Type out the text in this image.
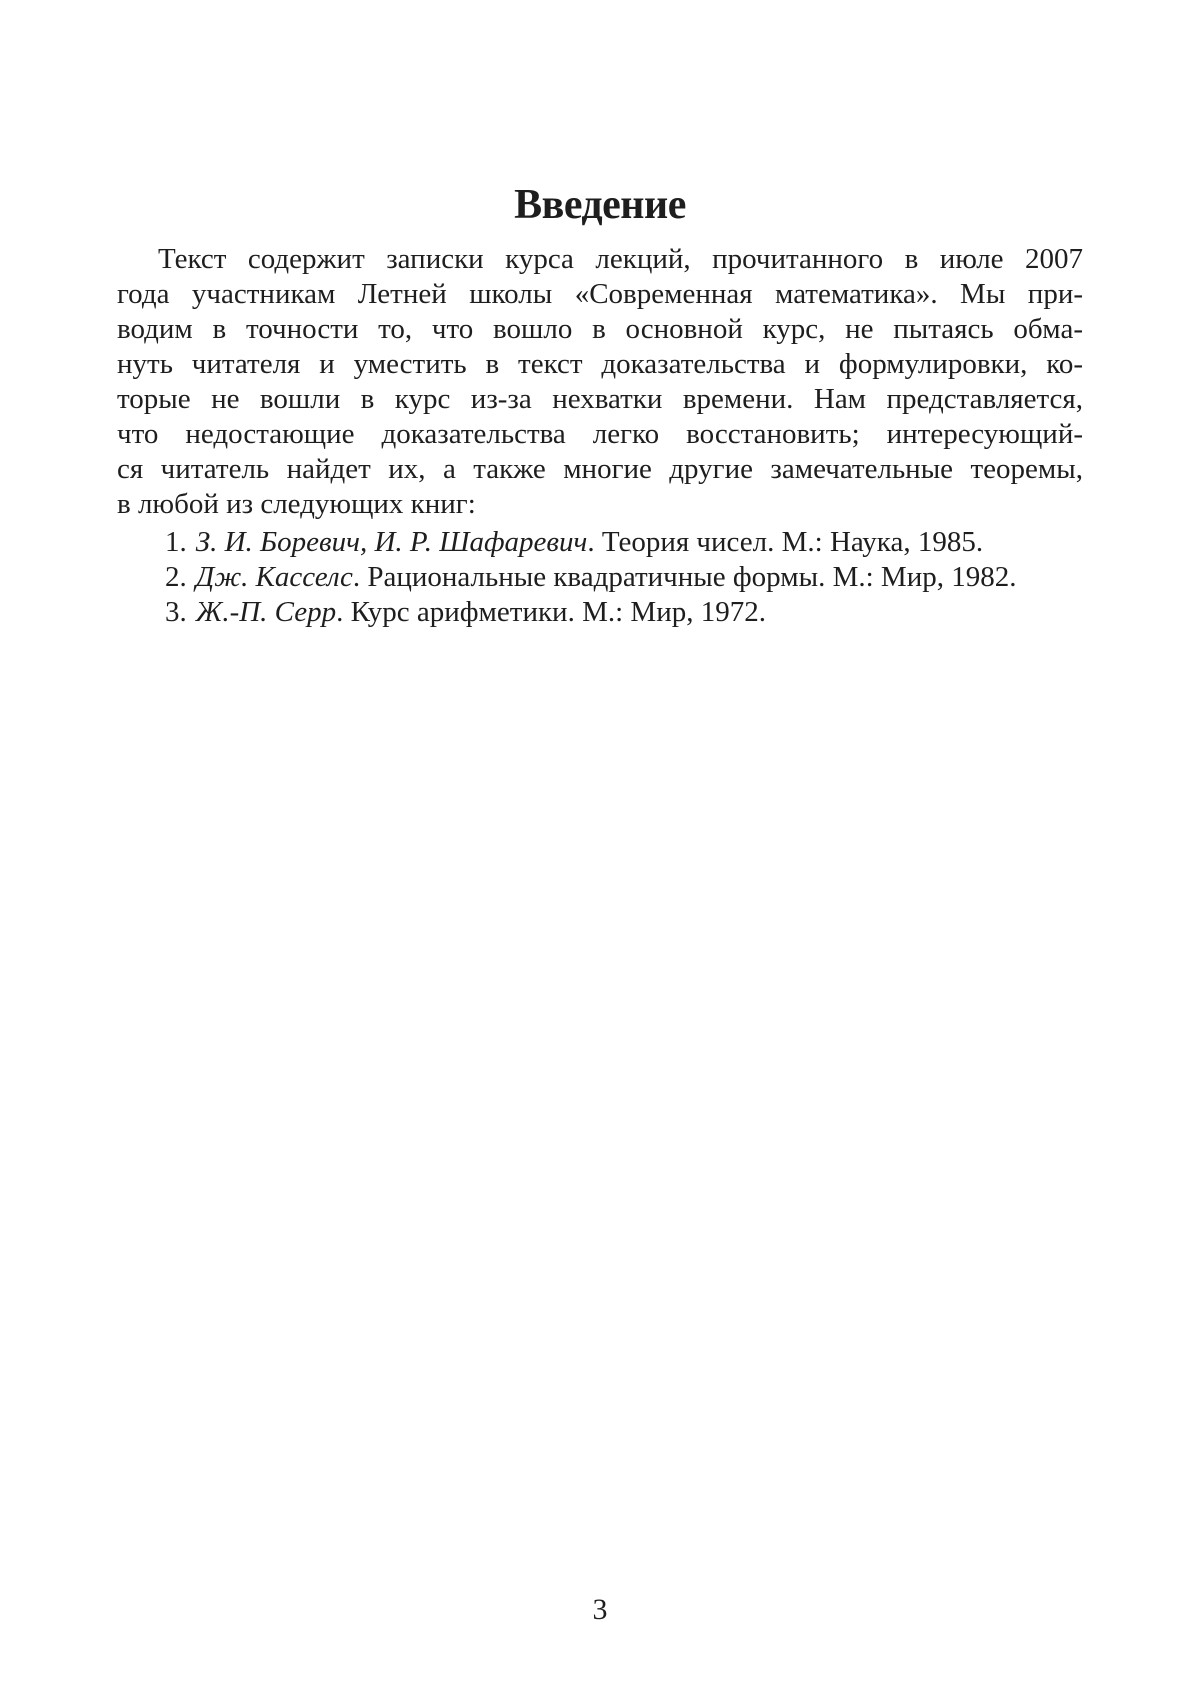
Введение
Текст содержит записки курса лекций, прочитанного в июле 2007
года участникам Летней школы «Современная математика». Мы при-
водим в точности то, что вошло в основной курс, не пытаясь обма-
нуть читателя и уместить в текст доказательства и формулировки, ко-
торые не вошли в курс из-за нехватки времени. Нам представляется,
что недостающие доказательства легко восстановить; интересующий-
ся читатель найдет их, а также многие другие замечательные теоремы,
в любой из следующих книг:
1. З. И. Боревич, И. Р. Шафаревич. Теория чисел. М.: Наука, 1985.
2. Дж. Касселс. Рациональные квадратичные формы. М.: Мир, 1982.
3. Ж.-П. Серр. Курс арифметики. М.: Мир, 1972.
3
